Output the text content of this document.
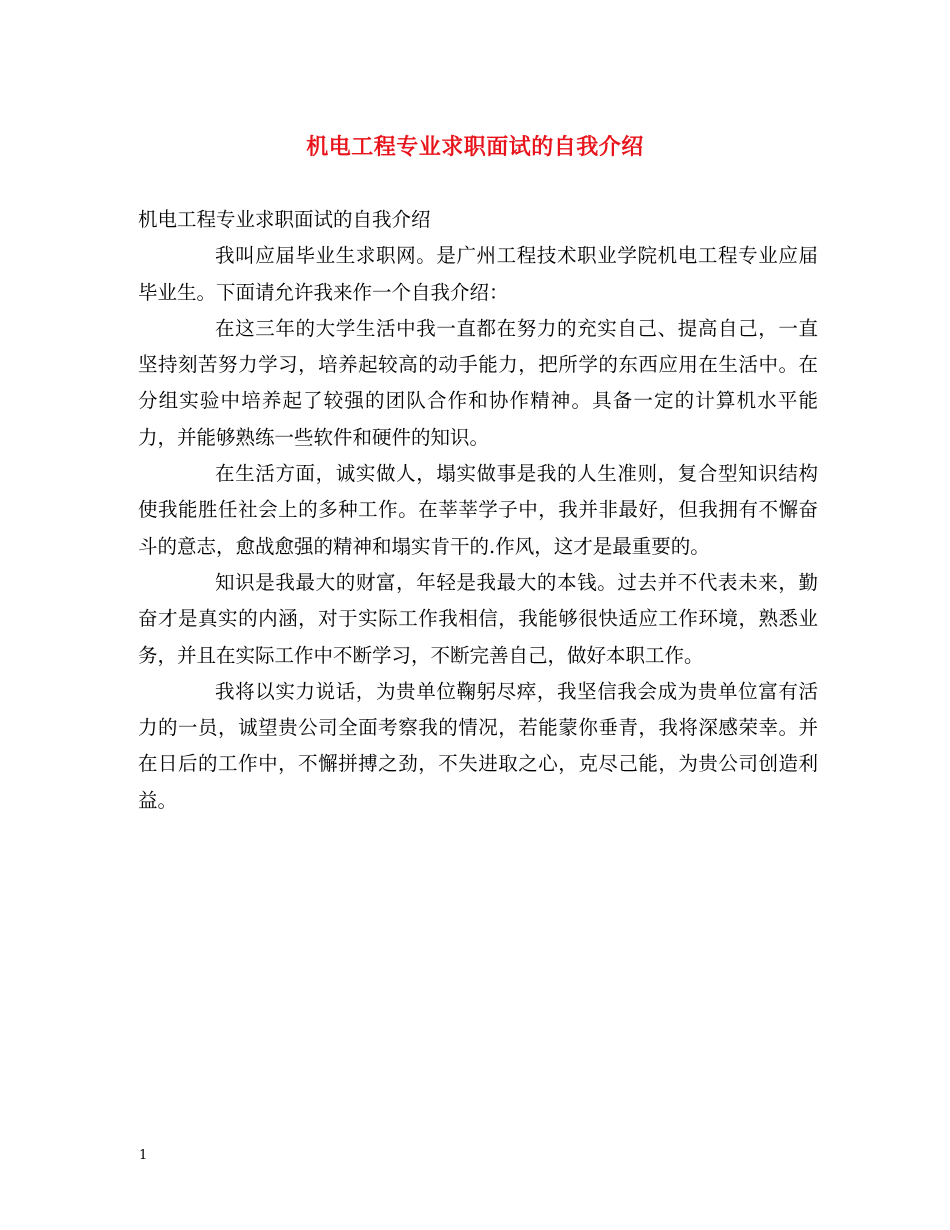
机电工程专业求职面试的自我介绍

机电工程专业求职面试的自我介绍

我叫应届毕业生求职网。是广州工程技术职业学院机电工程专业应届毕业生。下面请允许我来作一个自我介绍：

在这三年的大学生活中我一直都在努力的充实自己、提高自己，一直坚持刻苦努力学习，培养起较高的动手能力，把所学的东西应用在生活中。在分组实验中培养起了较强的团队合作和协作精神。具备一定的计算机水平能力，并能够熟练一些软件和硬件的知识。

在生活方面，诚实做人，塌实做事是我的人生准则，复合型知识结构使我能胜任社会上的多种工作。在莘莘学子中，我并非最好，但我拥有不懈奋斗的意志，愈战愈强的精神和塌实肯干的.作风，这才是最重要的。

知识是我最大的财富，年轻是我最大的本钱。过去并不代表未来，勤奋才是真实的内涵，对于实际工作我相信，我能够很快适应工作环境，熟悉业务，并且在实际工作中不断学习，不断完善自己，做好本职工作。

我将以实力说话，为贵单位鞠躬尽瘁，我坚信我会成为贵单位富有活力的一员，诚望贵公司全面考察我的情况，若能蒙你垂青，我将深感荣幸。并在日后的工作中，不懈拼搏之劲，不失进取之心，克尽己能，为贵公司创造利益。

1
